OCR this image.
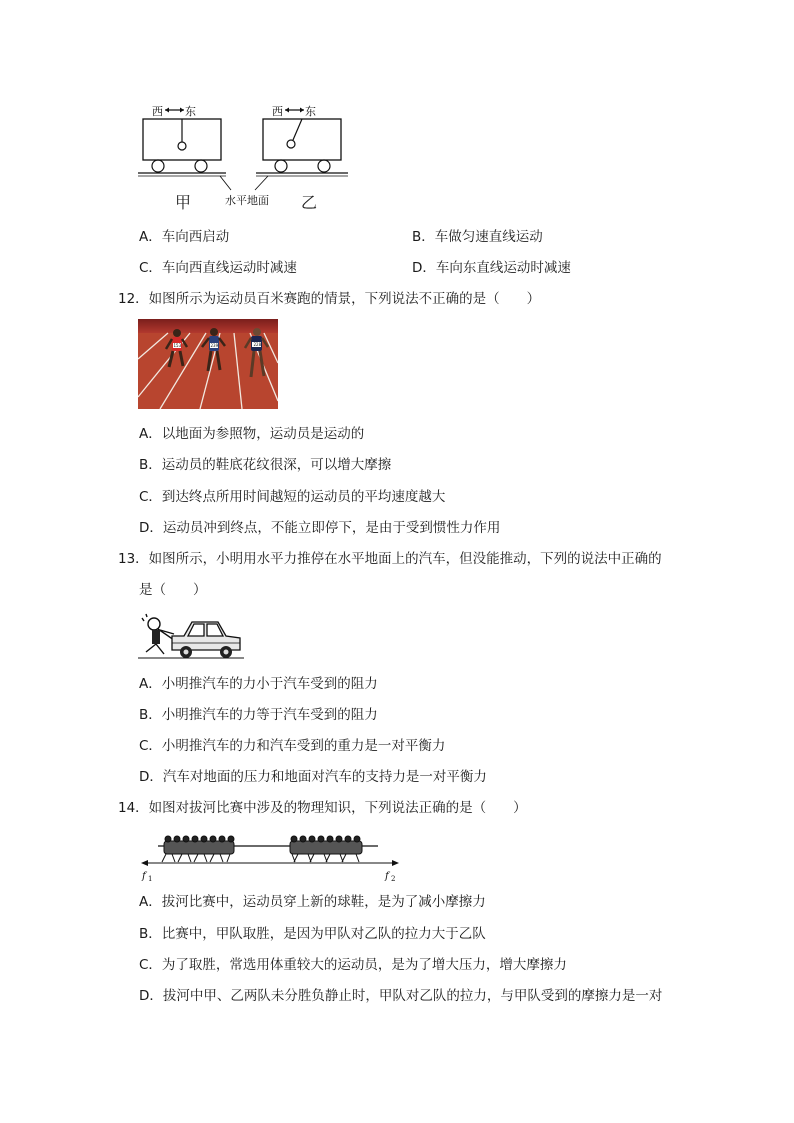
西 东	西 东
甲	水平地面 乙
A．车向西启动	B．车做匀速直线运动
C．车向西直线运动时减速	D．车向东直线运动时减速
12．如图所示为运动员百米赛跑的情景，下列说法不正确的是（　　）
153	239	228
A．以地面为参照物，运动员是运动的
B．运动员的鞋底花纹很深，可以增大摩擦
C．到达终点所用时间越短的运动员的平均速度越大
D．运动员冲到终点，不能立即停下，是由于受到惯性力作用
13．如图所示，小明用水平力推停在水平地面上的汽车，但没能推动，下列的说法中正确的
是（　　）
A．小明推汽车的力小于汽车受到的阻力
B．小明推汽车的力等于汽车受到的阻力
C．小明推汽车的力和汽车受到的重力是一对平衡力
D．汽车对地面的压力和地面对汽车的支持力是一对平衡力
14．如图对拔河比赛中涉及的物理知识，下列说法正确的是（　　）
f 1	f 2
A．拔河比赛中，运动员穿上新的球鞋，是为了减小摩擦力
B．比赛中，甲队取胜，是因为甲队对乙队的拉力大于乙队
C．为了取胜，常选用体重较大的运动员，是为了增大压力，增大摩擦力
D．拔河中甲、乙两队未分胜负静止时，甲队对乙队的拉力，与甲队受到的摩擦力是一对
